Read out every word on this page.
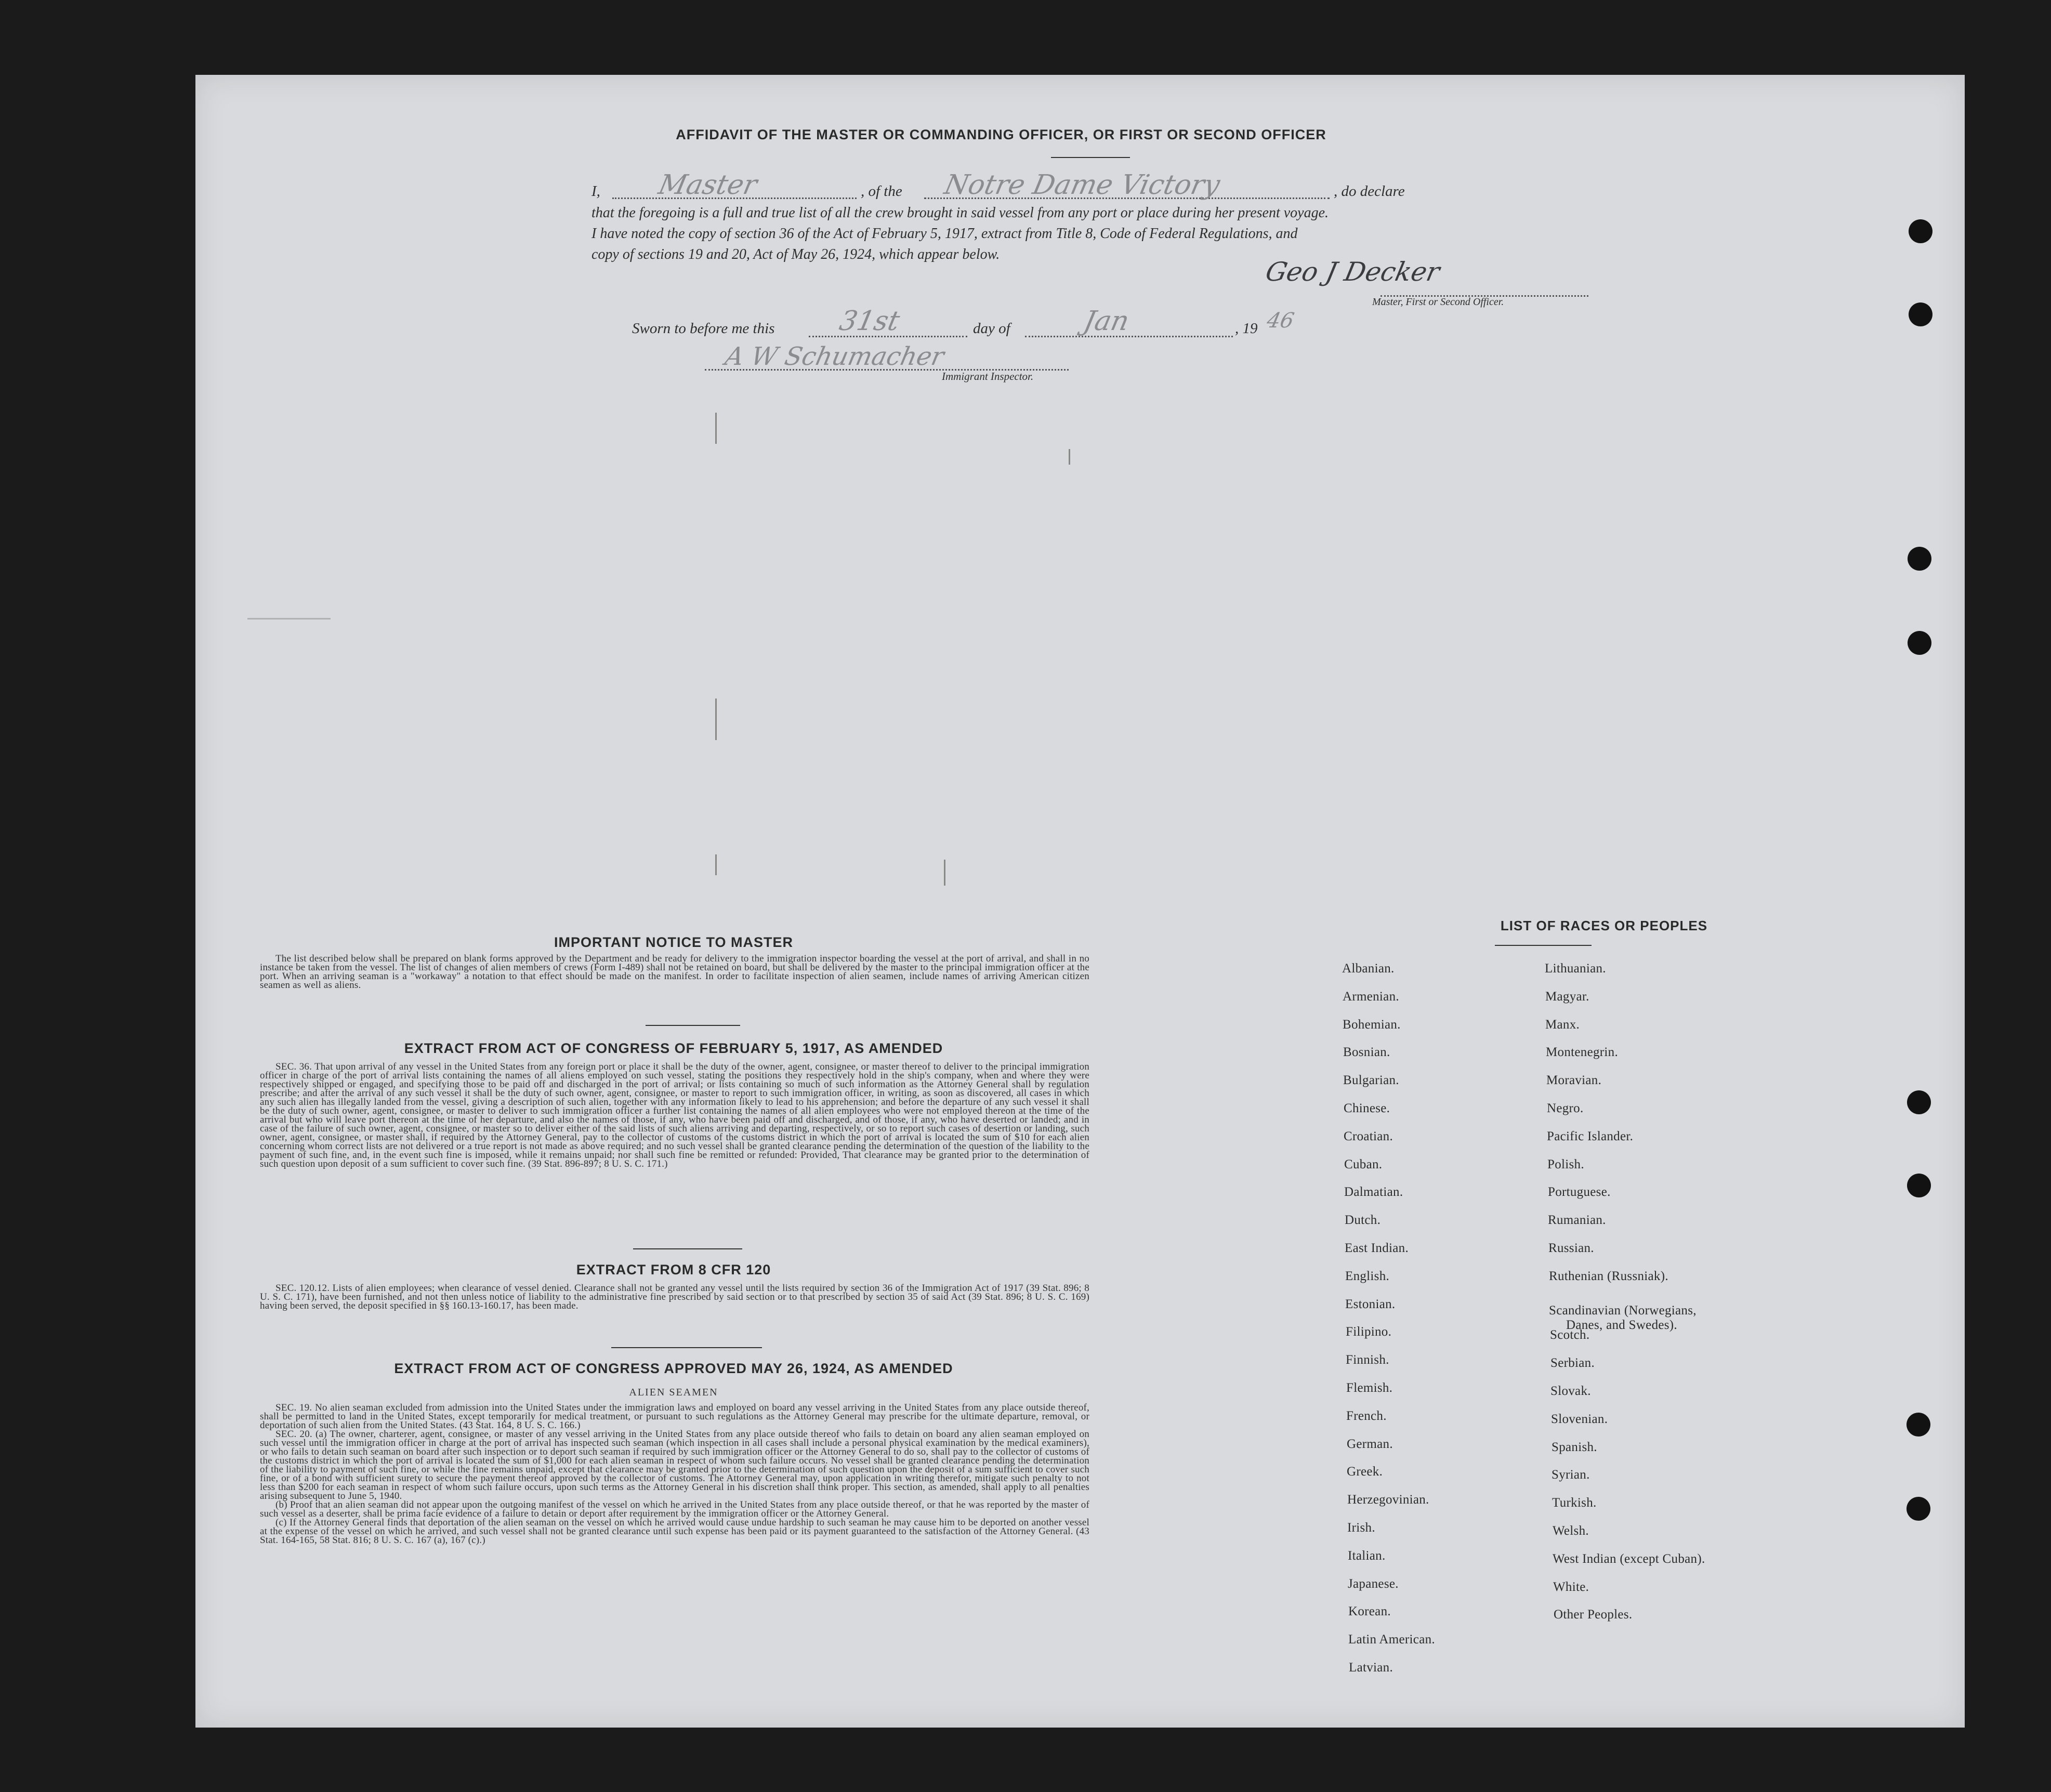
AFFIDAVIT OF THE MASTER OR COMMANDING OFFICER, OR FIRST OR SECOND OFFICER
I, Master	, of the Notre Dame Victory	, do declare
that the foregoing is a full and true list of all the crew brought in said vessel from any port or place during her present voyage.
I have noted the copy of section 36 of the Act of February 5, 1917, extract from Title 8, Code of Federal Regulations, and
copy of sections 19 and 20, Act of May 26, 1924, which appear below.
Geo J Decker
Master, First or Second Officer.
Sworn to before me this 31st	day of	Jan	, 19 46
A W Schumacher
Immigrant Inspector.
IMPORTANT NOTICE TO MASTER

The list described below shall be prepared on blank forms approved by the Department and be ready for delivery to the immigration inspector boarding the vessel at the port of arrival, and shall in no instance be taken from the vessel. The list of changes of alien members of crews (Form I-489) shall not be retained on board, but shall be delivered by the master to the principal immigration officer at the port. When an arriving seaman is a "workaway" a notation to that effect should be made on the manifest. In order to facilitate inspection of alien seamen, include names of arriving American citizen seamen as well as aliens.

EXTRACT FROM ACT OF CONGRESS OF FEBRUARY 5, 1917, AS AMENDED

SEC. 36. That upon arrival of any vessel in the United States from any foreign port or place it shall be the duty of the owner, agent, consignee, or master thereof to deliver to the principal immigration officer in charge of the port of arrival lists containing the names of all aliens employed on such vessel, stating the positions they respectively hold in the ship's company, when and where they were respectively shipped or engaged, and specifying those to be paid off and discharged in the port of arrival; or lists containing so much of such information as the Attorney General shall by regulation prescribe; and after the arrival of any such vessel it shall be the duty of such owner, agent, consignee, or master to report to such immigration officer, in writing, as soon as discovered, all cases in which any such alien has illegally landed from the vessel, giving a description of such alien, together with any information likely to lead to his apprehension; and before the departure of any such vessel it shall be the duty of such owner, agent, consignee, or master to deliver to such immigration officer a further list containing the names of all alien employees who were not employed thereon at the time of the arrival but who will leave port thereon at the time of her departure, and also the names of those, if any, who have been paid off and discharged, and of those, if any, who have deserted or landed; and in case of the failure of such owner, agent, consignee, or master so to deliver either of the said lists of such aliens arriving and departing, respectively, or so to report such cases of desertion or landing, such owner, agent, consignee, or master shall, if required by the Attorney General, pay to the collector of customs of the customs district in which the port of arrival is located the sum of $10 for each alien concerning whom correct lists are not delivered or a true report is not made as above required; and no such vessel shall be granted clearance pending the determination of the question of the liability to the payment of such fine, and, in the event such fine is imposed, while it remains unpaid; nor shall such fine be remitted or refunded: Provided, That clearance may be granted prior to the determination of such question upon deposit of a sum sufficient to cover such fine. (39 Stat. 896-897; 8 U. S. C. 171.)

EXTRACT FROM 8 CFR 120

SEC. 120.12. Lists of alien employees; when clearance of vessel denied. Clearance shall not be granted any vessel until the lists required by section 36 of the Immigration Act of 1917 (39 Stat. 896; 8 U. S. C. 171), have been furnished, and not then unless notice of liability to the administrative fine prescribed by said section or to that prescribed by section 35 of said Act (39 Stat. 896; 8 U. S. C. 169) having been served, the deposit specified in §§ 160.13-160.17, has been made.

EXTRACT FROM ACT OF CONGRESS APPROVED MAY 26, 1924, AS AMENDED
ALIEN SEAMEN

SEC. 19. No alien seaman excluded from admission into the United States under the immigration laws and employed on board any vessel arriving in the United States from any place outside thereof, shall be permitted to land in the United States, except temporarily for medical treatment, or pursuant to such regulations as the Attorney General may prescribe for the ultimate departure, removal, or deportation of such alien from the United States. (43 Stat. 164, 8 U. S. C. 166.)

SEC. 20. (a) The owner, charterer, agent, consignee, or master of any vessel arriving in the United States from any place outside thereof who fails to detain on board any alien seaman employed on such vessel until the immigration officer in charge at the port of arrival has inspected such seaman (which inspection in all cases shall include a personal physical examination by the medical examiners), or who fails to detain such seaman on board after such inspection or to deport such seaman if required by such immigration officer or the Attorney General to do so, shall pay to the collector of customs of the customs district in which the port of arrival is located the sum of $1,000 for each alien seaman in respect of whom such failure occurs. No vessel shall be granted clearance pending the determination of the liability to payment of such fine, or while the fine remains unpaid, except that clearance may be granted prior to the determination of such question upon the deposit of a sum sufficient to cover such fine, or of a bond with sufficient surety to secure the payment thereof approved by the collector of customs. The Attorney General may, upon application in writing therefor, mitigate such penalty to not less than $200 for each seaman in respect of whom such failure occurs, upon such terms as the Attorney General in his discretion shall think proper. This section, as amended, shall apply to all penalties arising subsequent to June 5, 1940.

(b) Proof that an alien seaman did not appear upon the outgoing manifest of the vessel on which he arrived in the United States from any place outside thereof, or that he was reported by the master of such vessel as a deserter, shall be prima facie evidence of a failure to detain or deport after requirement by the immigration officer or the Attorney General.

(c) If the Attorney General finds that deportation of the alien seaman on the vessel on which he arrived would cause undue hardship to such seaman he may cause him to be deported on another vessel at the expense of the vessel on which he arrived, and such vessel shall not be granted clearance until such expense has been paid or its payment guaranteed to the satisfaction of the Attorney General. (43 Stat. 164-165, 58 Stat. 816; 8 U. S. C. 167 (a), 167 (c).)

LIST OF RACES OR PEOPLES
Albanian.
Armenian.
Bohemian.
Bosnian.
Bulgarian.
Chinese.
Croatian.
Cuban.
Dalmatian.
Dutch.
East Indian.
English.
Estonian.
Filipino.
Finnish.
Flemish.
French.
German.
Greek.
Herzegovinian.
Irish.
Italian.
Japanese.
Korean.
Latin American.
Latvian.
Lithuanian.
Magyar.
Manx.
Montenegrin.
Moravian.
Negro.
Pacific Islander.
Polish.
Portuguese.
Rumanian.
Russian.
Ruthenian (Russniak).
Scandinavian (Norwegians,
Danes, and Swedes).
Scotch.
Serbian.
Slovak.
Slovenian.
Spanish.
Syrian.
Turkish.
Welsh.
West Indian (except Cuban).
White.
Other Peoples.
